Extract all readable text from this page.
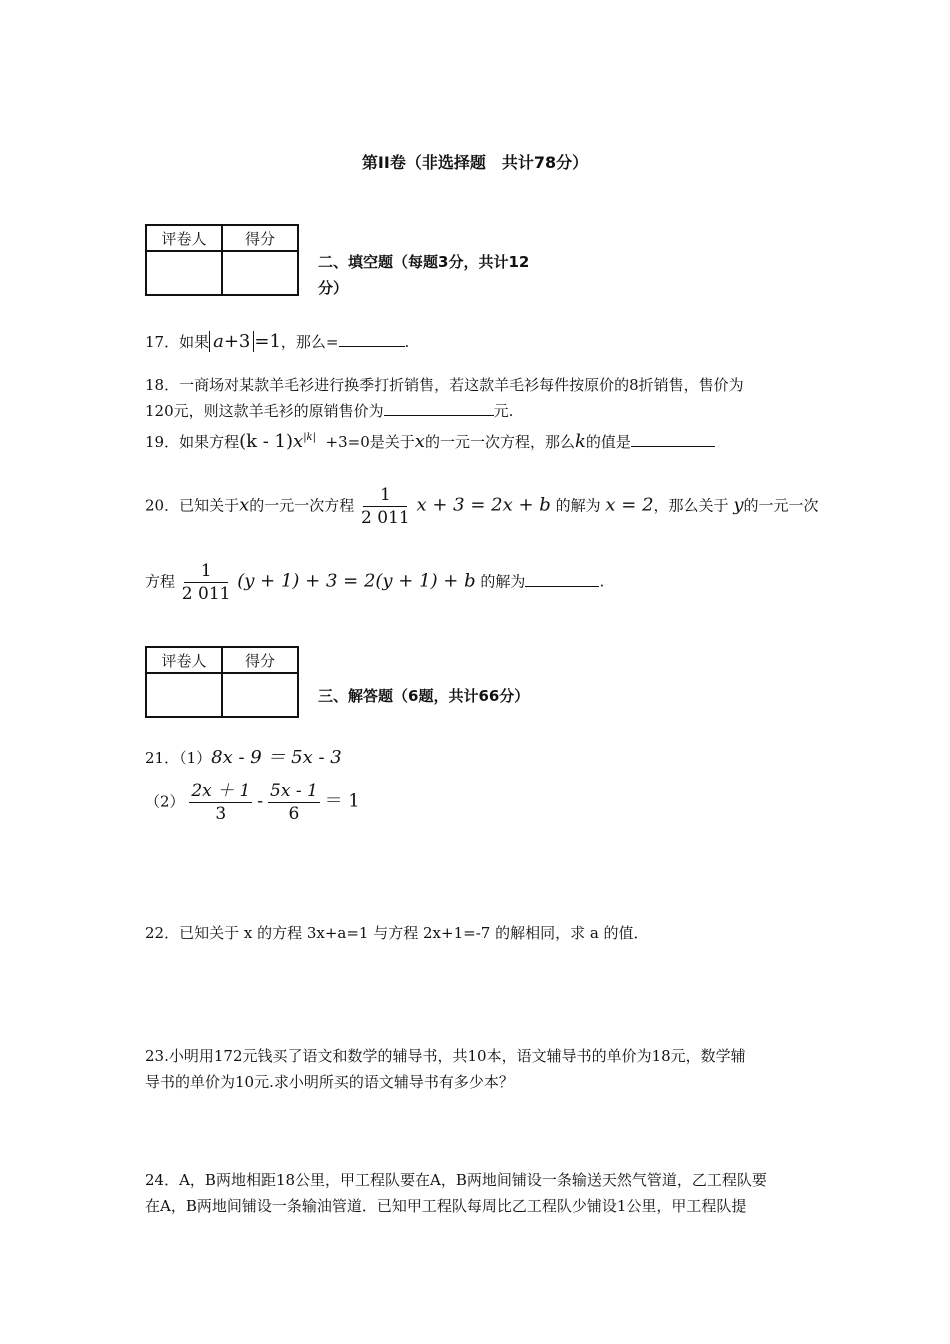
第II卷（非选择题　共计78分）
评卷人	得分

二、填空题（每题3分，共计12
分）
17．如果 a+3 =1，那么=	.
18．一商场对某款羊毛衫进行换季打折销售，若这款羊毛衫每件按原价的8折销售，售价为
120元，则这款羊毛衫的原销售价为	元.
19．如果方程$(k - 1)x^{|k|} +3=0$是关于x的一元一次方程，那么k的值是
20．已知关于x的一元一次方程 $\frac{1}{2 011}$ x + 3 = 2x + b 的解为 x = 2，那么关于 y的一元一次
方程 $\frac{1}{2 011} (y + 1) + 3 = 2(y + 1) + b$ 的解为	.
评卷人	得分

三、解答题（6题，共计66分）
21．（1）8x - 9 ＝ 5x - 3
$(2) \frac{2x + 1}{3} - \frac{5x - 1}{6} = 1$
22．已知关于 x 的方程 3x+a=1 与方程 2x+1=-7 的解相同，求 a 的值．
23.小明用172元钱买了语文和数学的辅导书，共10本，语文辅导书的单价为18元，数学辅
导书的单价为10元.求小明所买的语文辅导书有多少本？
24．A，B两地相距18公里，甲工程队要在A，B两地间铺设一条输送天然气管道，乙工程队要
在A，B两地间铺设一条输油管道．已知甲工程队每周比乙工程队少铺设1公里，甲工程队提
